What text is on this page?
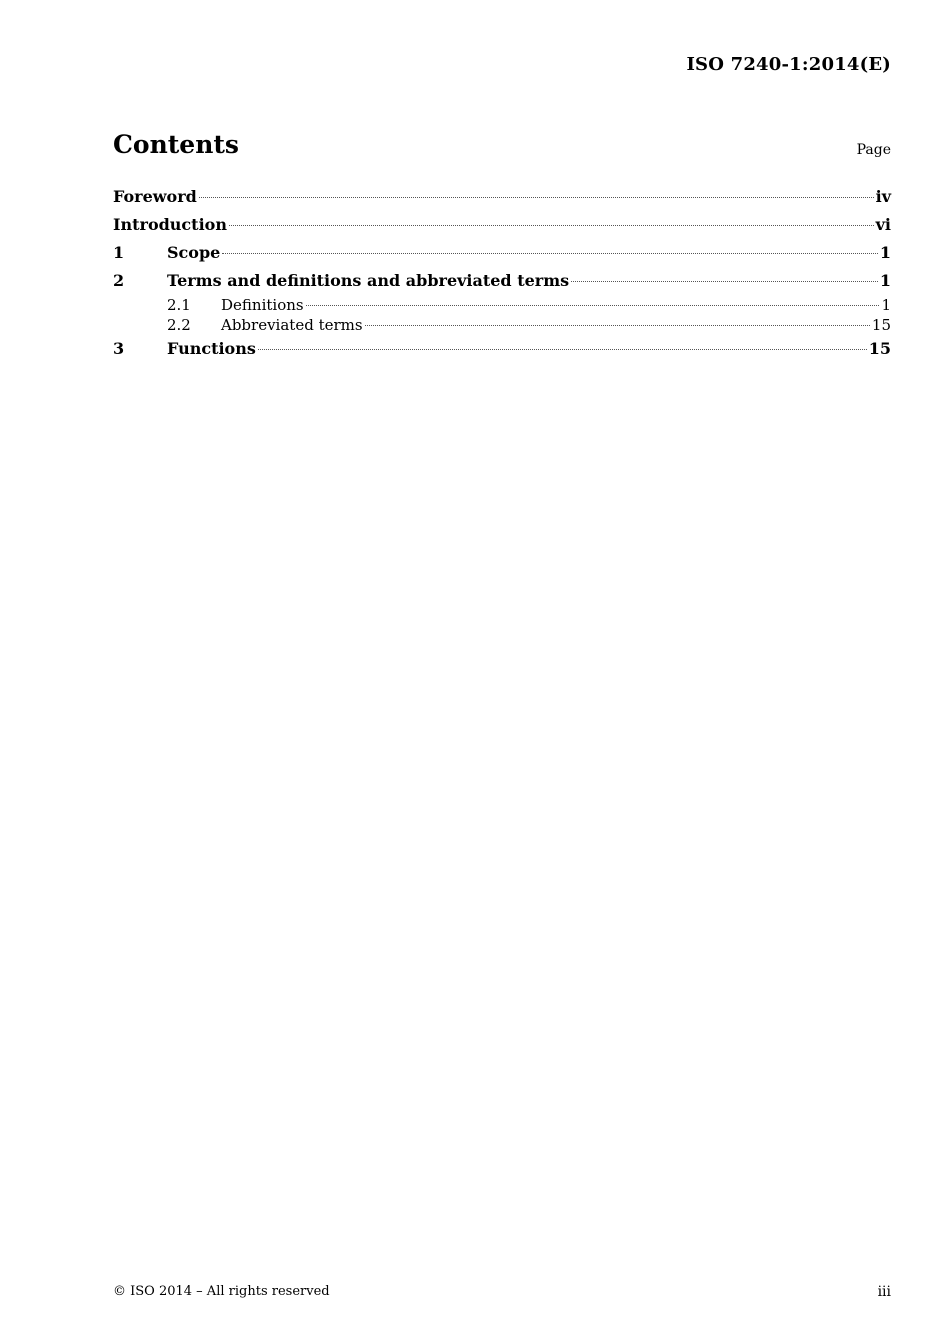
ISO 7240-1:2014(E)
Contents	Page
Foreword	iv
Introduction	vi
1	Scope	1
2	Terms and definitions and abbreviated terms	1
2.1	Definitions	1
2.2	Abbreviated terms	15
3	Functions	15
© ISO 2014 – All rights reserved	iii
